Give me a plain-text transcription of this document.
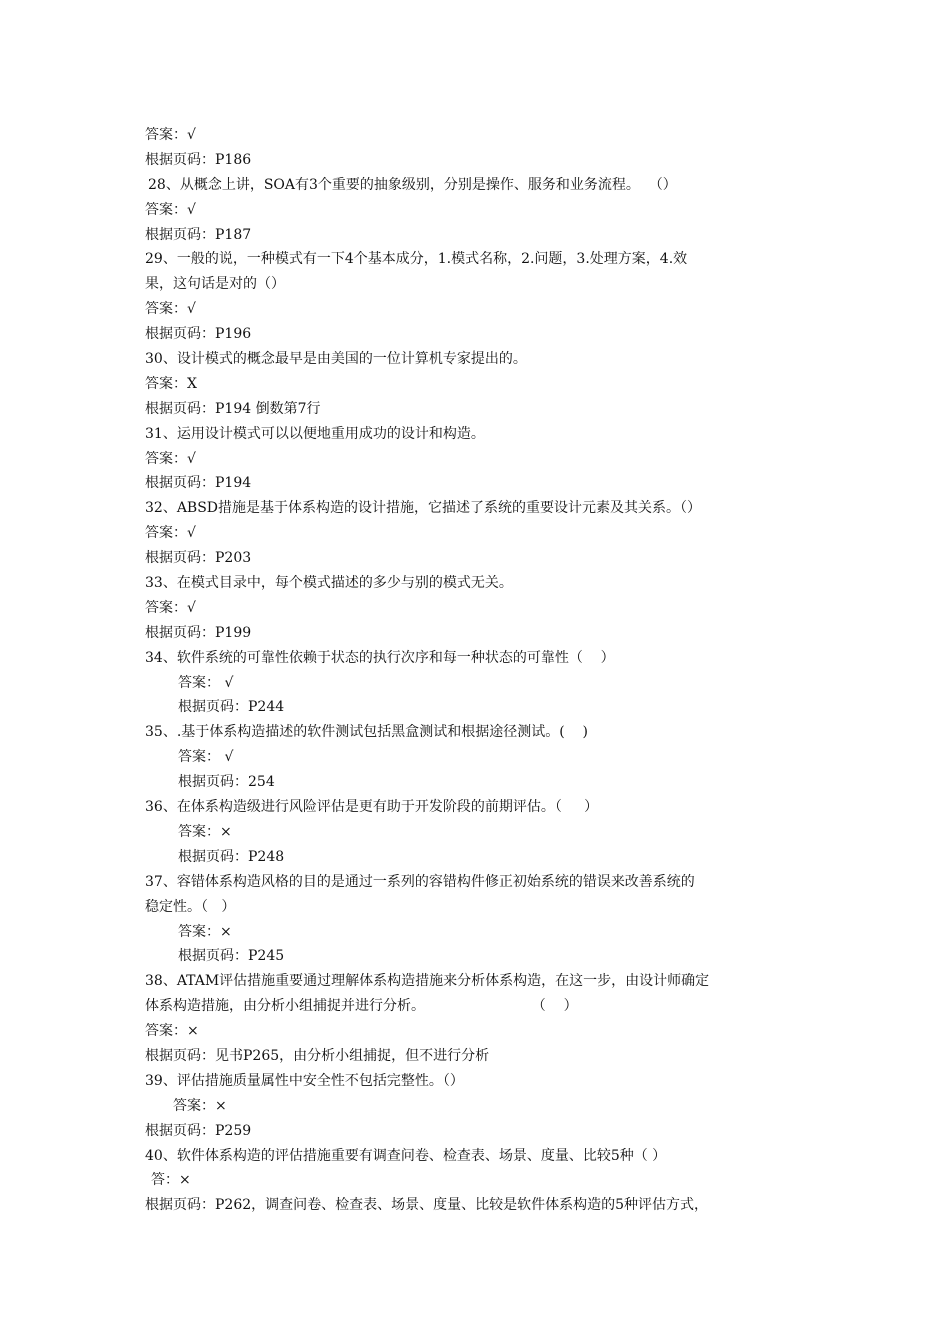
答案：√
根据页码：P186
28、从概念上讲，SOA有3个重要的抽象级别，分别是操作、服务和业务流程。  （）
答案：√
根据页码：P187
29、一般的说，一种模式有一下4个基本成分，1.模式名称，2.问题，3.处理方案，4.效
果，这句话是对的（）
答案：√
根据页码：P196
30、设计模式的概念最早是由美国的一位计算机专家提出的。
答案：X
根据页码：P194 倒数第7行
31、运用设计模式可以以便地重用成功的设计和构造。
答案：√
根据页码：P194
32、ABSD措施是基于体系构造的设计措施，它描述了系统的重要设计元素及其关系。（）
答案：√
根据页码：P203
33、在模式目录中，每个模式描述的多少与别的模式无关。
答案：√
根据页码：P199
34、软件系统的可靠性依赖于状态的执行次序和每一种状态的可靠性（    ）
答案： √
根据页码：P244
35、.基于体系构造描述的软件测试包括黑盒测试和根据途径测试。(    )
答案： √
根据页码：254
36、在体系构造级进行风险评估是更有助于开发阶段的前期评估。（     ）
答案：×
根据页码：P248
37、容错体系构造风格的目的是通过一系列的容错构件修正初始系统的错误来改善系统的
稳定性。（   ）
答案：×
根据页码：P245
38、ATAM评估措施重要通过理解体系构造措施来分析体系构造，在这一步，由设计师确定
体系构造措施，由分析小组捕捉并进行分析。                        （    ）
答案：×
根据页码：见书P265，由分析小组捕捉，但不进行分析
39、评估措施质量属性中安全性不包括完整性。（）
答案：×
根据页码：P259
40、软件体系构造的评估措施重要有调查问卷、检查表、场景、度量、比较5种（ ）
答：×
根据页码：P262，调查问卷、检查表、场景、度量、比较是软件体系构造的5种评估方式，
